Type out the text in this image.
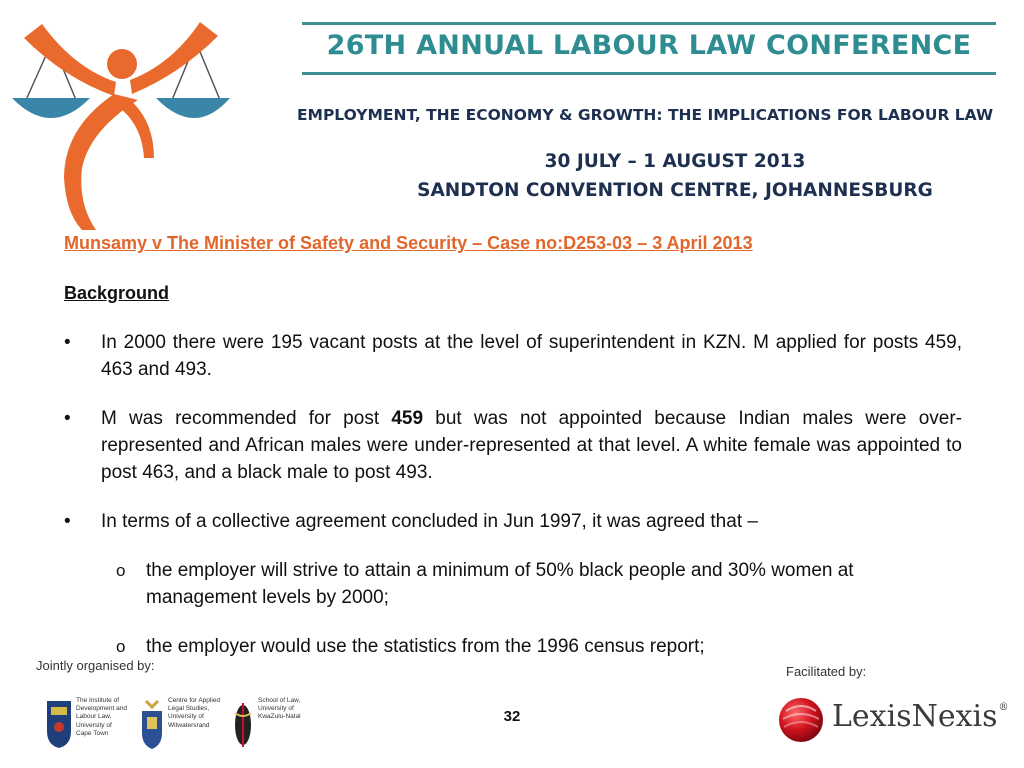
26TH ANNUAL LABOUR LAW CONFERENCE
EMPLOYMENT, THE ECONOMY & GROWTH: THE IMPLICATIONS FOR LABOUR LAW
30 JULY – 1 AUGUST 2013
SANDTON CONVENTION CENTRE, JOHANNESBURG
Munsamy v The Minister of Safety and Security – Case no:D253-03 – 3 April 2013
Background
• In 2000 there were 195 vacant posts at the level of superintendent in KZN. M applied for posts 459, 463 and 493.
• M was recommended for post 459 but was not appointed because Indian males were over-represented and African males were under-represented at that level. A white female was appointed to post 463, and a black male to post 493.
• In terms of a collective agreement concluded in Jun 1997, it was agreed that –
o the employer will strive to attain a minimum of 50% black people and 30% women at management levels by 2000;
o the employer would use the statistics from the 1996 census report;
Jointly organised by:	Facilitated by:
The Institute of
Development and
Labour Law,
University of
Cape Town
Centre for Applied
Legal Studies,
University of
Witwatersrand
School of Law,
University of
KwaZulu-Natal	32	LexisNexis®
